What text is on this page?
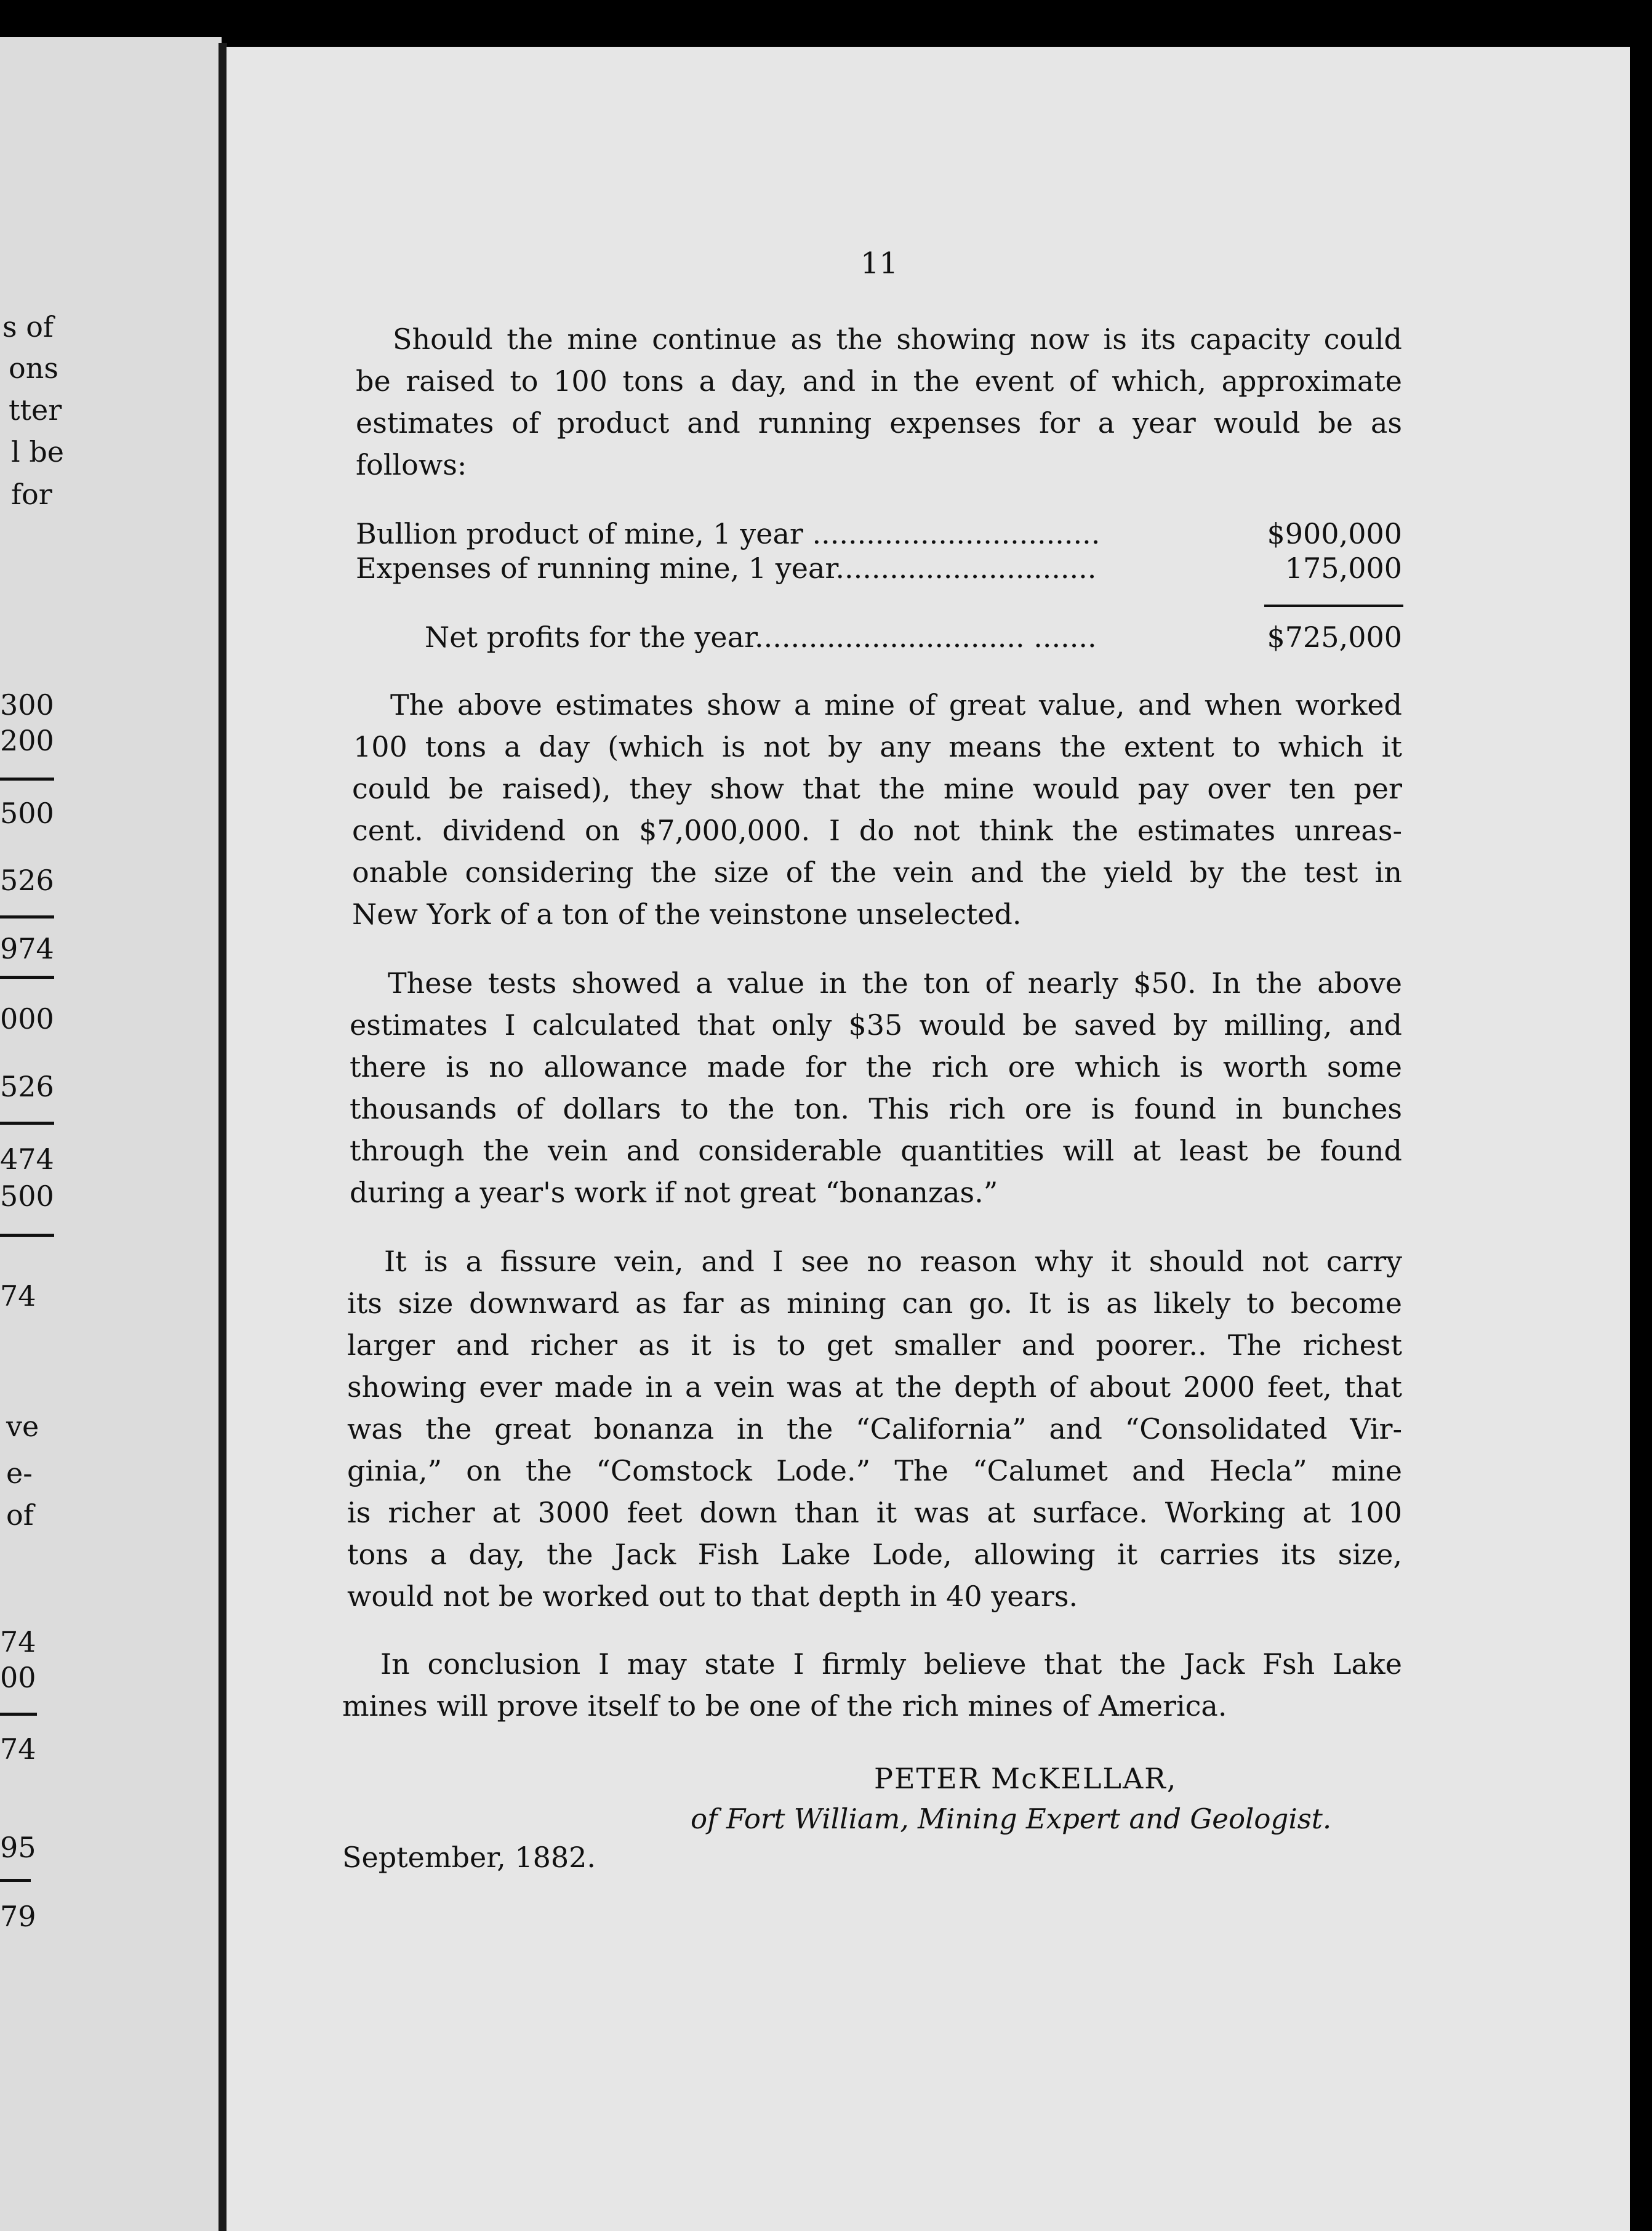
s of
ons
tter
l be
for
300
200
500
526
974
000
526
474
500
74
ve
e-
of
74
00
74
95
79
11
Should the mine continue as the showing now is its capacity could
be raised to 100 tons a day, and in the event of which, approximate
estimates of product and running expenses for a year would be as
follows:
Bullion product of mine, 1 year ................................	$900,000
Expenses of running mine, 1 year.............................	175,000
Net profits for the year.............................. .......	$725,000
The above estimates show a mine of great value, and when worked
100 tons a day (which is not by any means the extent to which it
could be raised), they show that the mine would pay over ten per
cent. dividend on $7,000,000. I do not think the estimates unreas-
onable considering the size of the vein and the yield by the test in
New York of a ton of the veinstone unselected.
These tests showed a value in the ton of nearly $50. In the above
estimates I calculated that only $35 would be saved by milling, and
there is no allowance made for the rich ore which is worth some
thousands of dollars to the ton. This rich ore is found in bunches
through the vein and considerable quantities will at least be found
during a year's work if not great “bonanzas.”
It is a fissure vein, and I see no reason why it should not carry
its size downward as far as mining can go. It is as likely to become
larger and richer as it is to get smaller and poorer.. The richest
showing ever made in a vein was at the depth of about 2000 feet, that
was the great bonanza in the “California” and “Consolidated Vir-
ginia,” on the “Comstock Lode.” The “Calumet and Hecla” mine
is richer at 3000 feet down than it was at surface. Working at 100
tons a day, the Jack Fish Lake Lode, allowing it carries its size,
would not be worked out to that depth in 40 years.
In conclusion I may state I firmly believe that the Jack Fsh Lake
mines will prove itself to be one of the rich mines of America.
PETER McKELLAR,
of Fort William, Mining Expert and Geologist.
September, 1882.
